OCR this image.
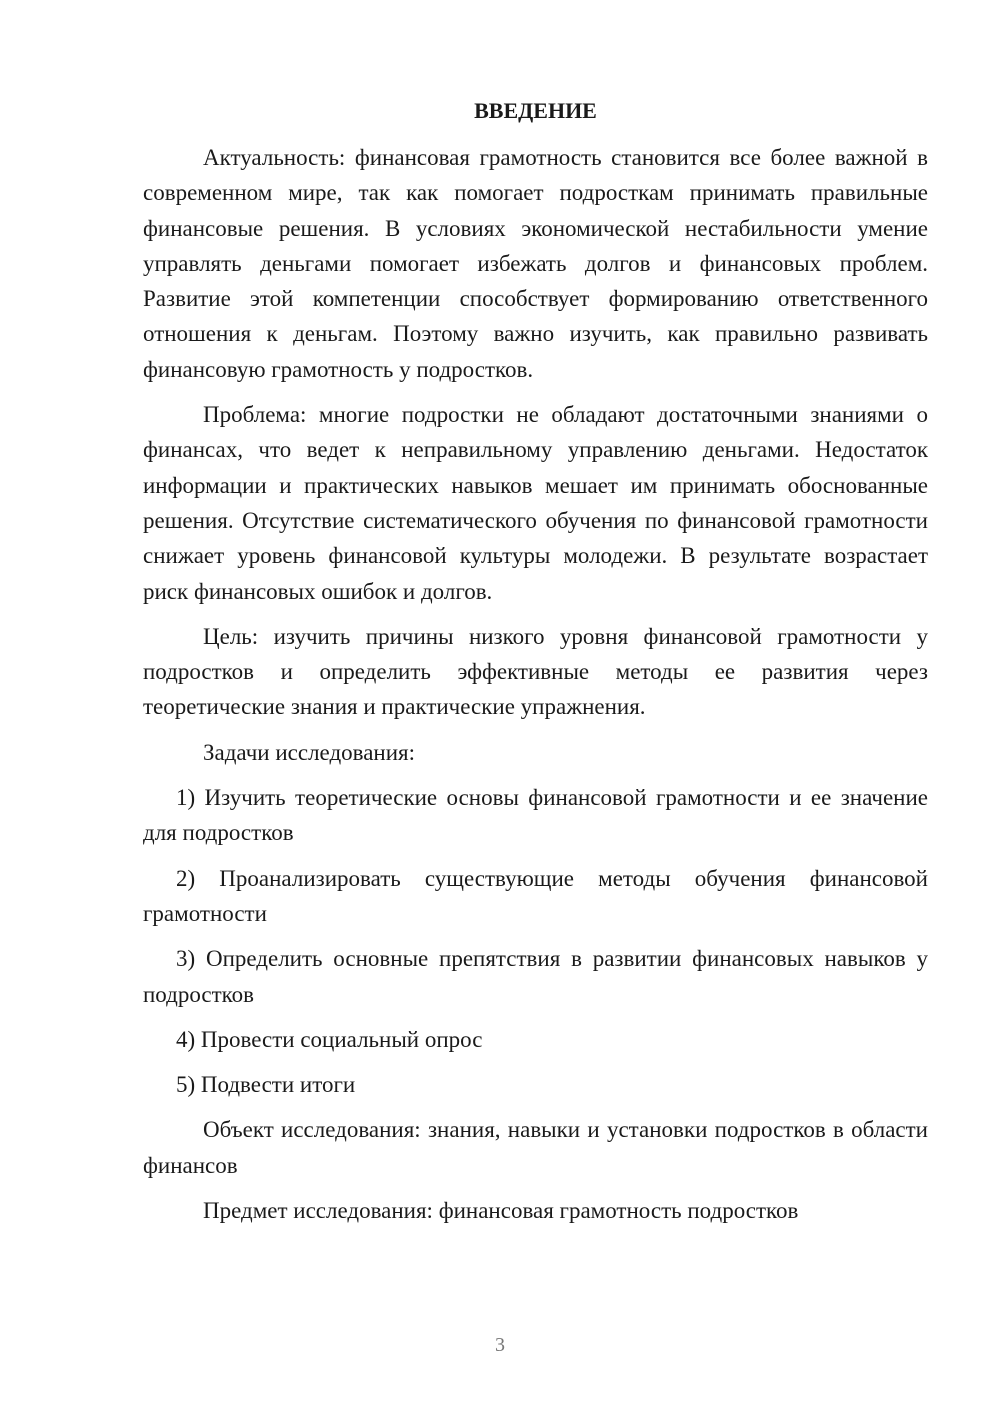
ВВЕДЕНИЕ

Актуальность: финансовая грамотность становится все более важной в современном мире, так как помогает подросткам принимать правильные финансовые решения. В условиях экономической нестабильности умение управлять деньгами помогает избежать долгов и финансовых проблем. Развитие этой компетенции способствует формированию ответственного отношения к деньгам. Поэтому важно изучить, как правильно развивать финансовую грамотность у подростков.

Проблема: многие подростки не обладают достаточными знаниями о финансах, что ведет к неправильному управлению деньгами. Недостаток информации и практических навыков мешает им принимать обоснованные решения. Отсутствие систематического обучения по финансовой грамотности снижает уровень финансовой культуры молодежи. В результате возрастает риск финансовых ошибок и долгов.

Цель: изучить причины низкого уровня финансовой грамотности у подростков и определить эффективные методы ее развития через теоретические знания и практические упражнения.

Задачи исследования:

1) Изучить теоретические основы финансовой грамотности и ее значение для подростков

2) Проанализировать существующие методы обучения финансовой грамотности

3) Определить основные препятствия в развитии финансовых навыков у подростков

4) Провести социальный опрос

5) Подвести итоги

Объект исследования: знания, навыки и установки подростков в области финансов

Предмет исследования: финансовая грамотность подростков

3
